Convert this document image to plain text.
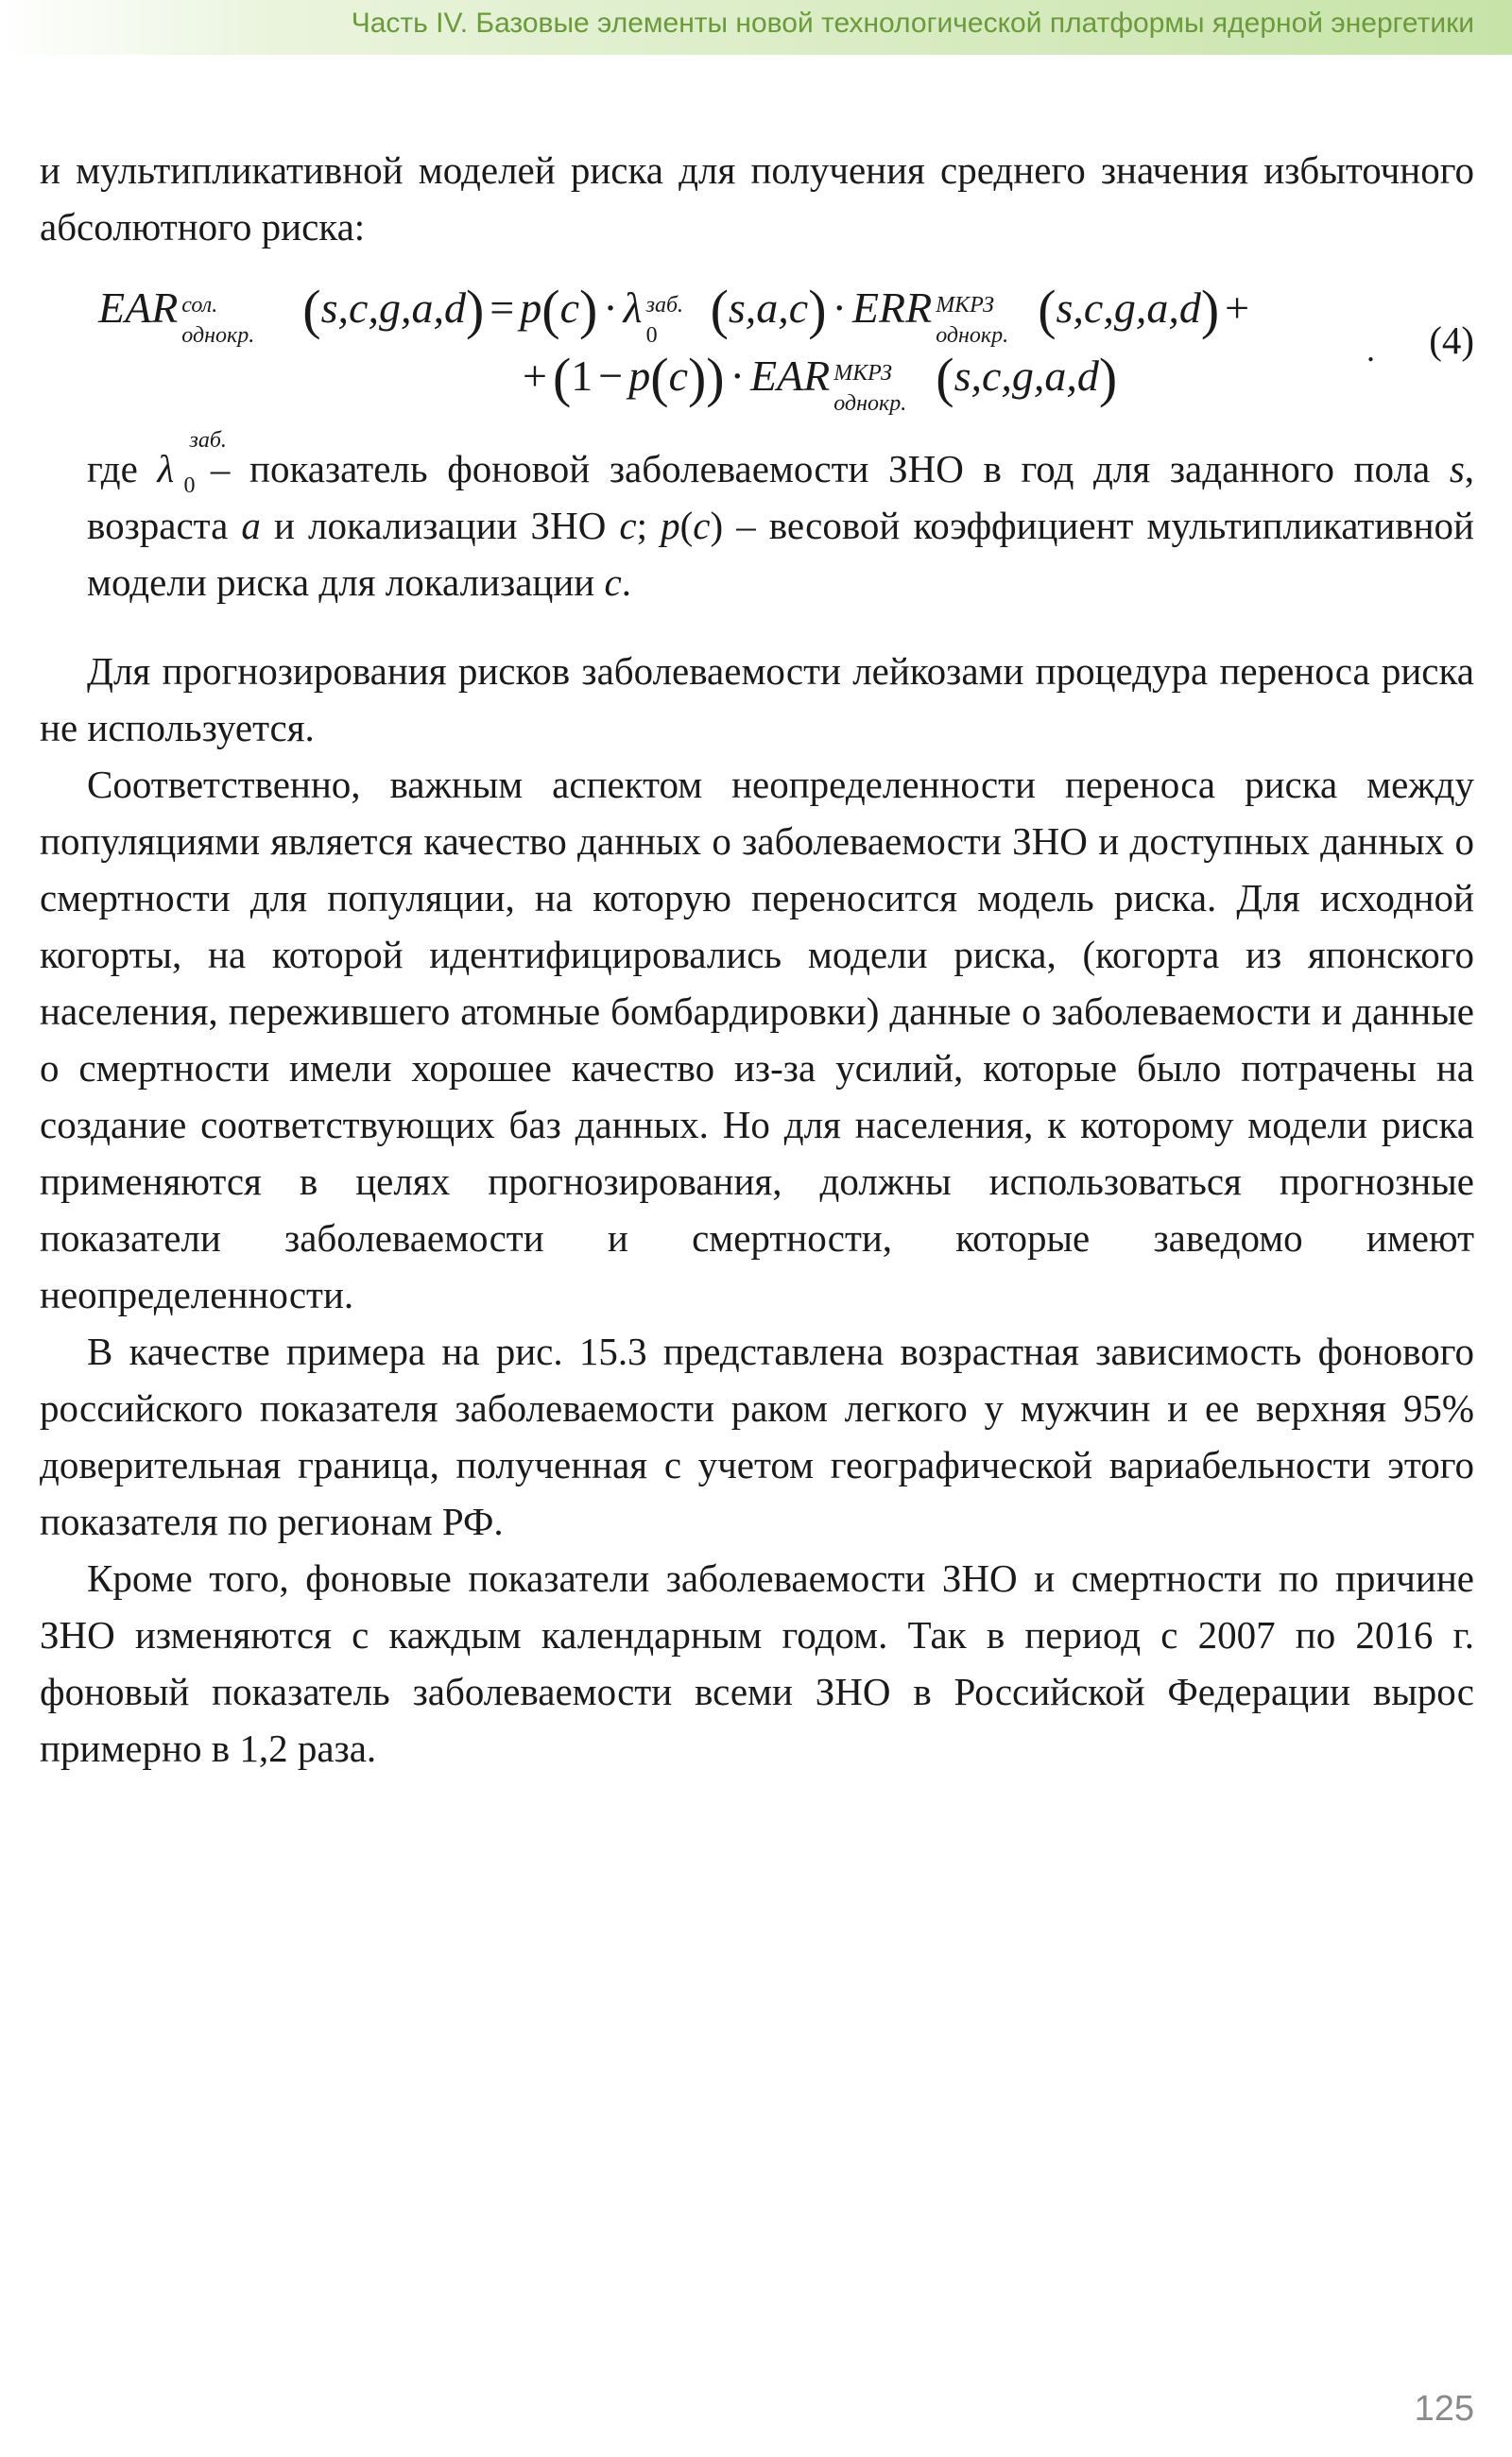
Часть IV. Базовые элементы новой технологической платформы ядерной энергетики

и мультипликативной моделей риска для получения среднего значения избыточного абсолютного риска:

EAR сол.
однокр. (s,c,g,a,d) = p(c) · λ заб.
0 (s,a,c) · ERR МКРЗ
однокр. (s,c,g,a,d) +
+ (1 − p(c)) · EAR МКРЗ
однокр. (s,c,g,a,d)	. (4)

где λ
заб.
0 – показатель фоновой заболеваемости ЗНО в год для заданного пола s, возраста a и локализации ЗНО c; p(c) – весовой коэффициент мультипликативной модели риска для локализации c.

Для прогнозирования рисков заболеваемости лейкозами процедура переноса риска не используется.

Соответственно, важным аспектом неопределенности переноса риска между популяциями является качество данных о заболеваемости ЗНО и доступных данных о смертности для популяции, на которую переносится модель риска. Для исходной когорты, на которой идентифицировались модели риска, (когорта из японского населения, пережившего атомные бомбардировки) данные о заболеваемости и данные о смертности имели хорошее качество из-за усилий, которые было потрачены на создание соответствующих баз данных. Но для населения, к которому модели риска применяются в целях прогнозирования, должны использоваться прогнозные показатели заболеваемости и смертности, которые заведомо имеют неопределенности.

В качестве примера на рис. 15.3 представлена возрастная зависимость фонового российского показателя заболеваемости раком легкого у мужчин и ее верхняя 95% доверительная граница, полученная с учетом географической вариабельности этого показателя по регионам РФ.

Кроме того, фоновые показатели заболеваемости ЗНО и смертности по причине ЗНО изменяются с каждым календарным годом. Так в период с 2007 по 2016 г. фоновый показатель заболеваемости всеми ЗНО в Российской Федерации вырос примерно в 1,2 раза.

125
